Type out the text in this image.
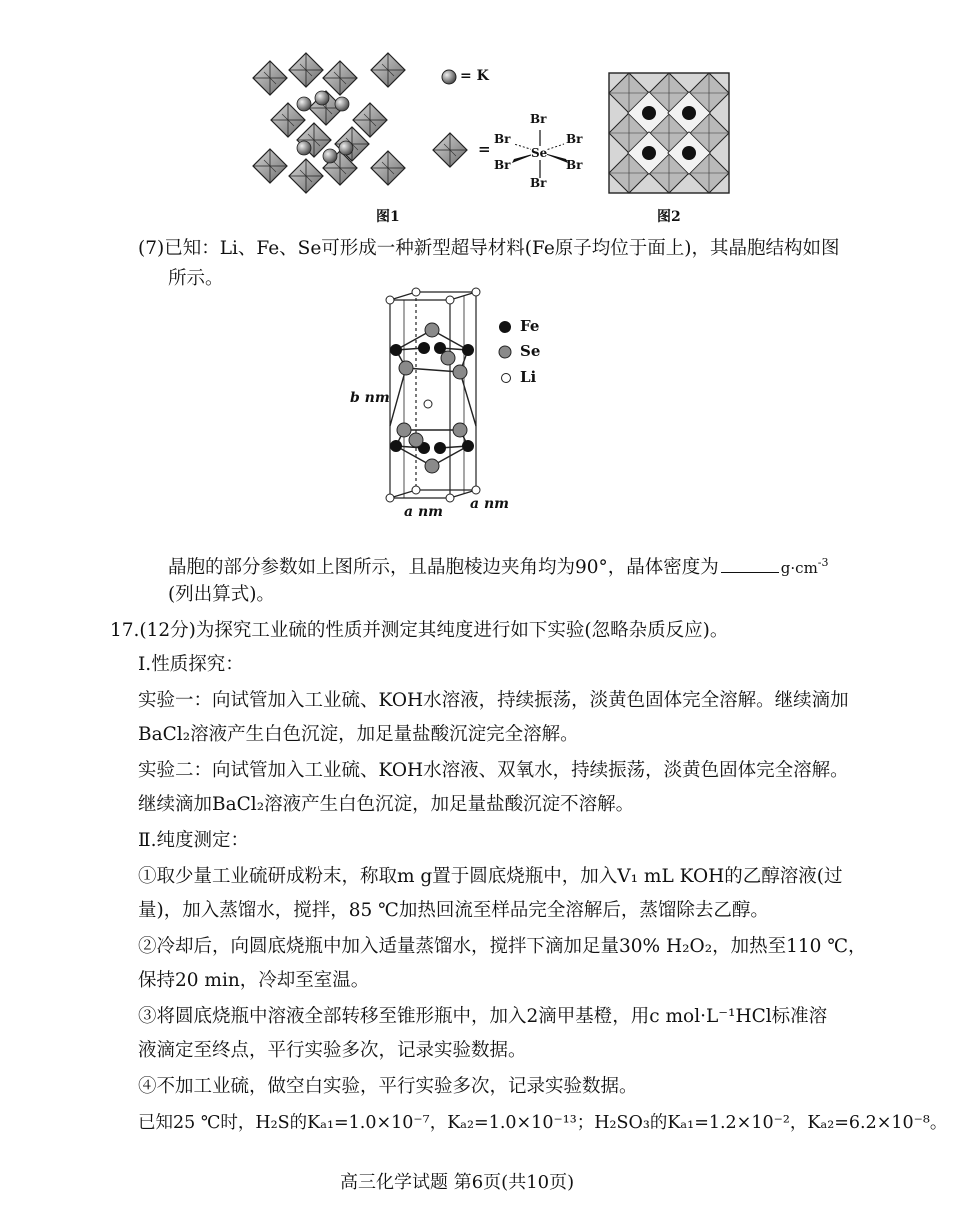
= K
=
Br
Br	Br
Se
Br	Br
Br
图1	图2
(7)已知：Li、Fe、Se可形成一种新型超导材料(Fe原子均位于面上)，其晶胞结构如图
所示。
Fe
Se
Li
b nm
a nm a nm
晶胞的部分参数如上图所示，且晶胞棱边夹角均为90°，晶体密度为	$g\cdot cm^{-3}$
(列出算式)。
17.(12分)为探究工业硫的性质并测定其纯度进行如下实验(忽略杂质反应)。
I.性质探究：
实验一：向试管加入工业硫、KOH水溶液，持续振荡，淡黄色固体完全溶解。继续滴加
BaCl₂溶液产生白色沉淀，加足量盐酸沉淀完全溶解。
实验二：向试管加入工业硫、KOH水溶液、双氧水，持续振荡，淡黄色固体完全溶解。
继续滴加BaCl₂溶液产生白色沉淀，加足量盐酸沉淀不溶解。
Ⅱ.纯度测定：
①取少量工业硫研成粉末，称取m g置于圆底烧瓶中，加入V₁ mL KOH的乙醇溶液(过
量)，加入蒸馏水，搅拌，85 ℃加热回流至样品完全溶解后，蒸馏除去乙醇。
②冷却后，向圆底烧瓶中加入适量蒸馏水，搅拌下滴加足量30% H₂O₂，加热至110 ℃，
保持20 min，冷却至室温。
③将圆底烧瓶中溶液全部转移至锥形瓶中，加入2滴甲基橙，用c mol·L⁻¹HCl标准溶
液滴定至终点，平行实验多次，记录实验数据。
④不加工业硫，做空白实验，平行实验多次，记录实验数据。
已知25 ℃时，H₂S的Kₐ₁=1.0×10⁻⁷，Kₐ₂=1.0×10⁻¹³；H₂SO₃的Kₐ₁=1.2×10⁻²，Kₐ₂=6.2×10⁻⁸。
高三化学试题 第6页(共10页)
